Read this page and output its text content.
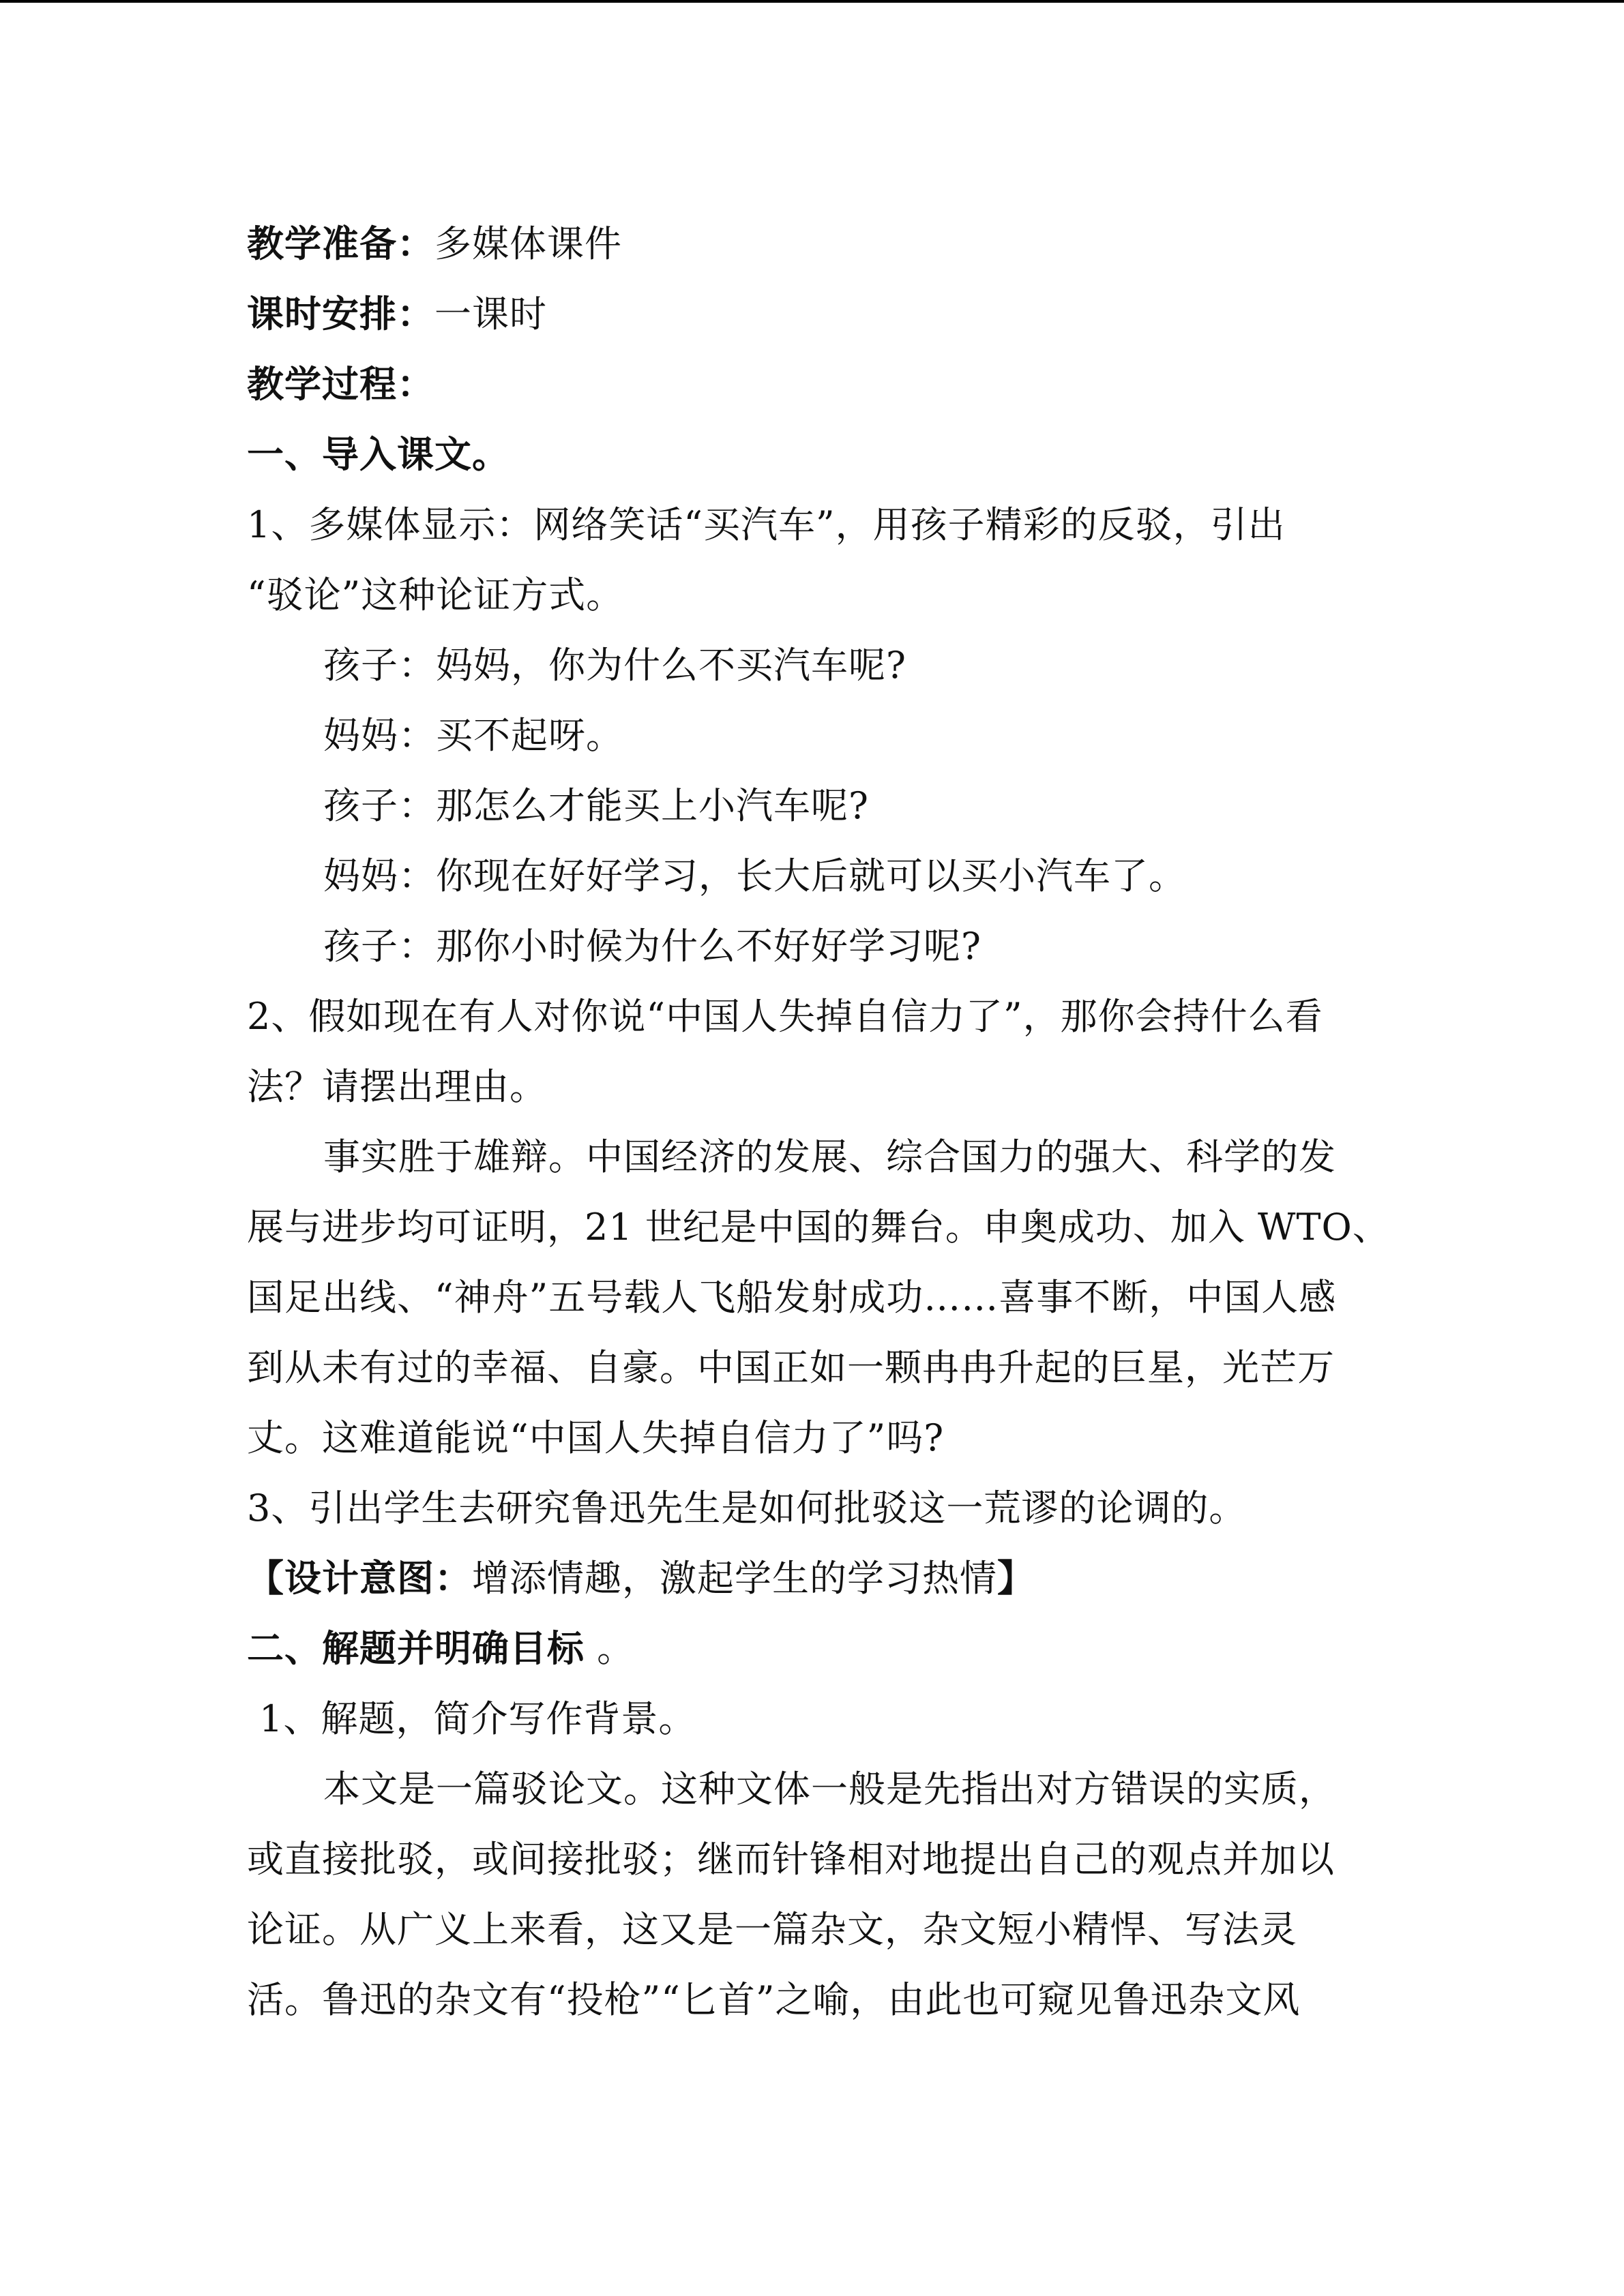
教学准备：多媒体课件
课时安排：一课时
教学过程：
一、导入课文。
1、多媒体显示：网络笑话“买汽车”，用孩子精彩的反驳，引出
“驳论”这种论证方式。
孩子：妈妈，你为什么不买汽车呢?
妈妈：买不起呀。
孩子：那怎么才能买上小汽车呢?
妈妈：你现在好好学习，长大后就可以买小汽车了。
孩子：那你小时候为什么不好好学习呢?
2、假如现在有人对你说“中国人失掉自信力了”，那你会持什么看
法？请摆出理由。
事实胜于雄辩。中国经济的发展、综合国力的强大、科学的发
展与进步均可证明，21 世纪是中国的舞台。申奥成功、加入 WTO、
国足出线、“神舟”五号载人飞船发射成功……喜事不断，中国人感
到从未有过的幸福、自豪。中国正如一颗冉冉升起的巨星，光芒万
丈。这难道能说“中国人失掉自信力了”吗?
3、引出学生去研究鲁迅先生是如何批驳这一荒谬的论调的。
【设计意图：增添情趣，激起学生的学习热情】
二、解题并明确目标 。
1、解题，简介写作背景。
本文是一篇驳论文。这种文体一般是先指出对方错误的实质，
或直接批驳，或间接批驳；继而针锋相对地提出自己的观点并加以
论证。从广义上来看，这又是一篇杂文，杂文短小精悍、写法灵
活。鲁迅的杂文有“投枪”“匕首”之喻，由此也可窥见鲁迅杂文风
